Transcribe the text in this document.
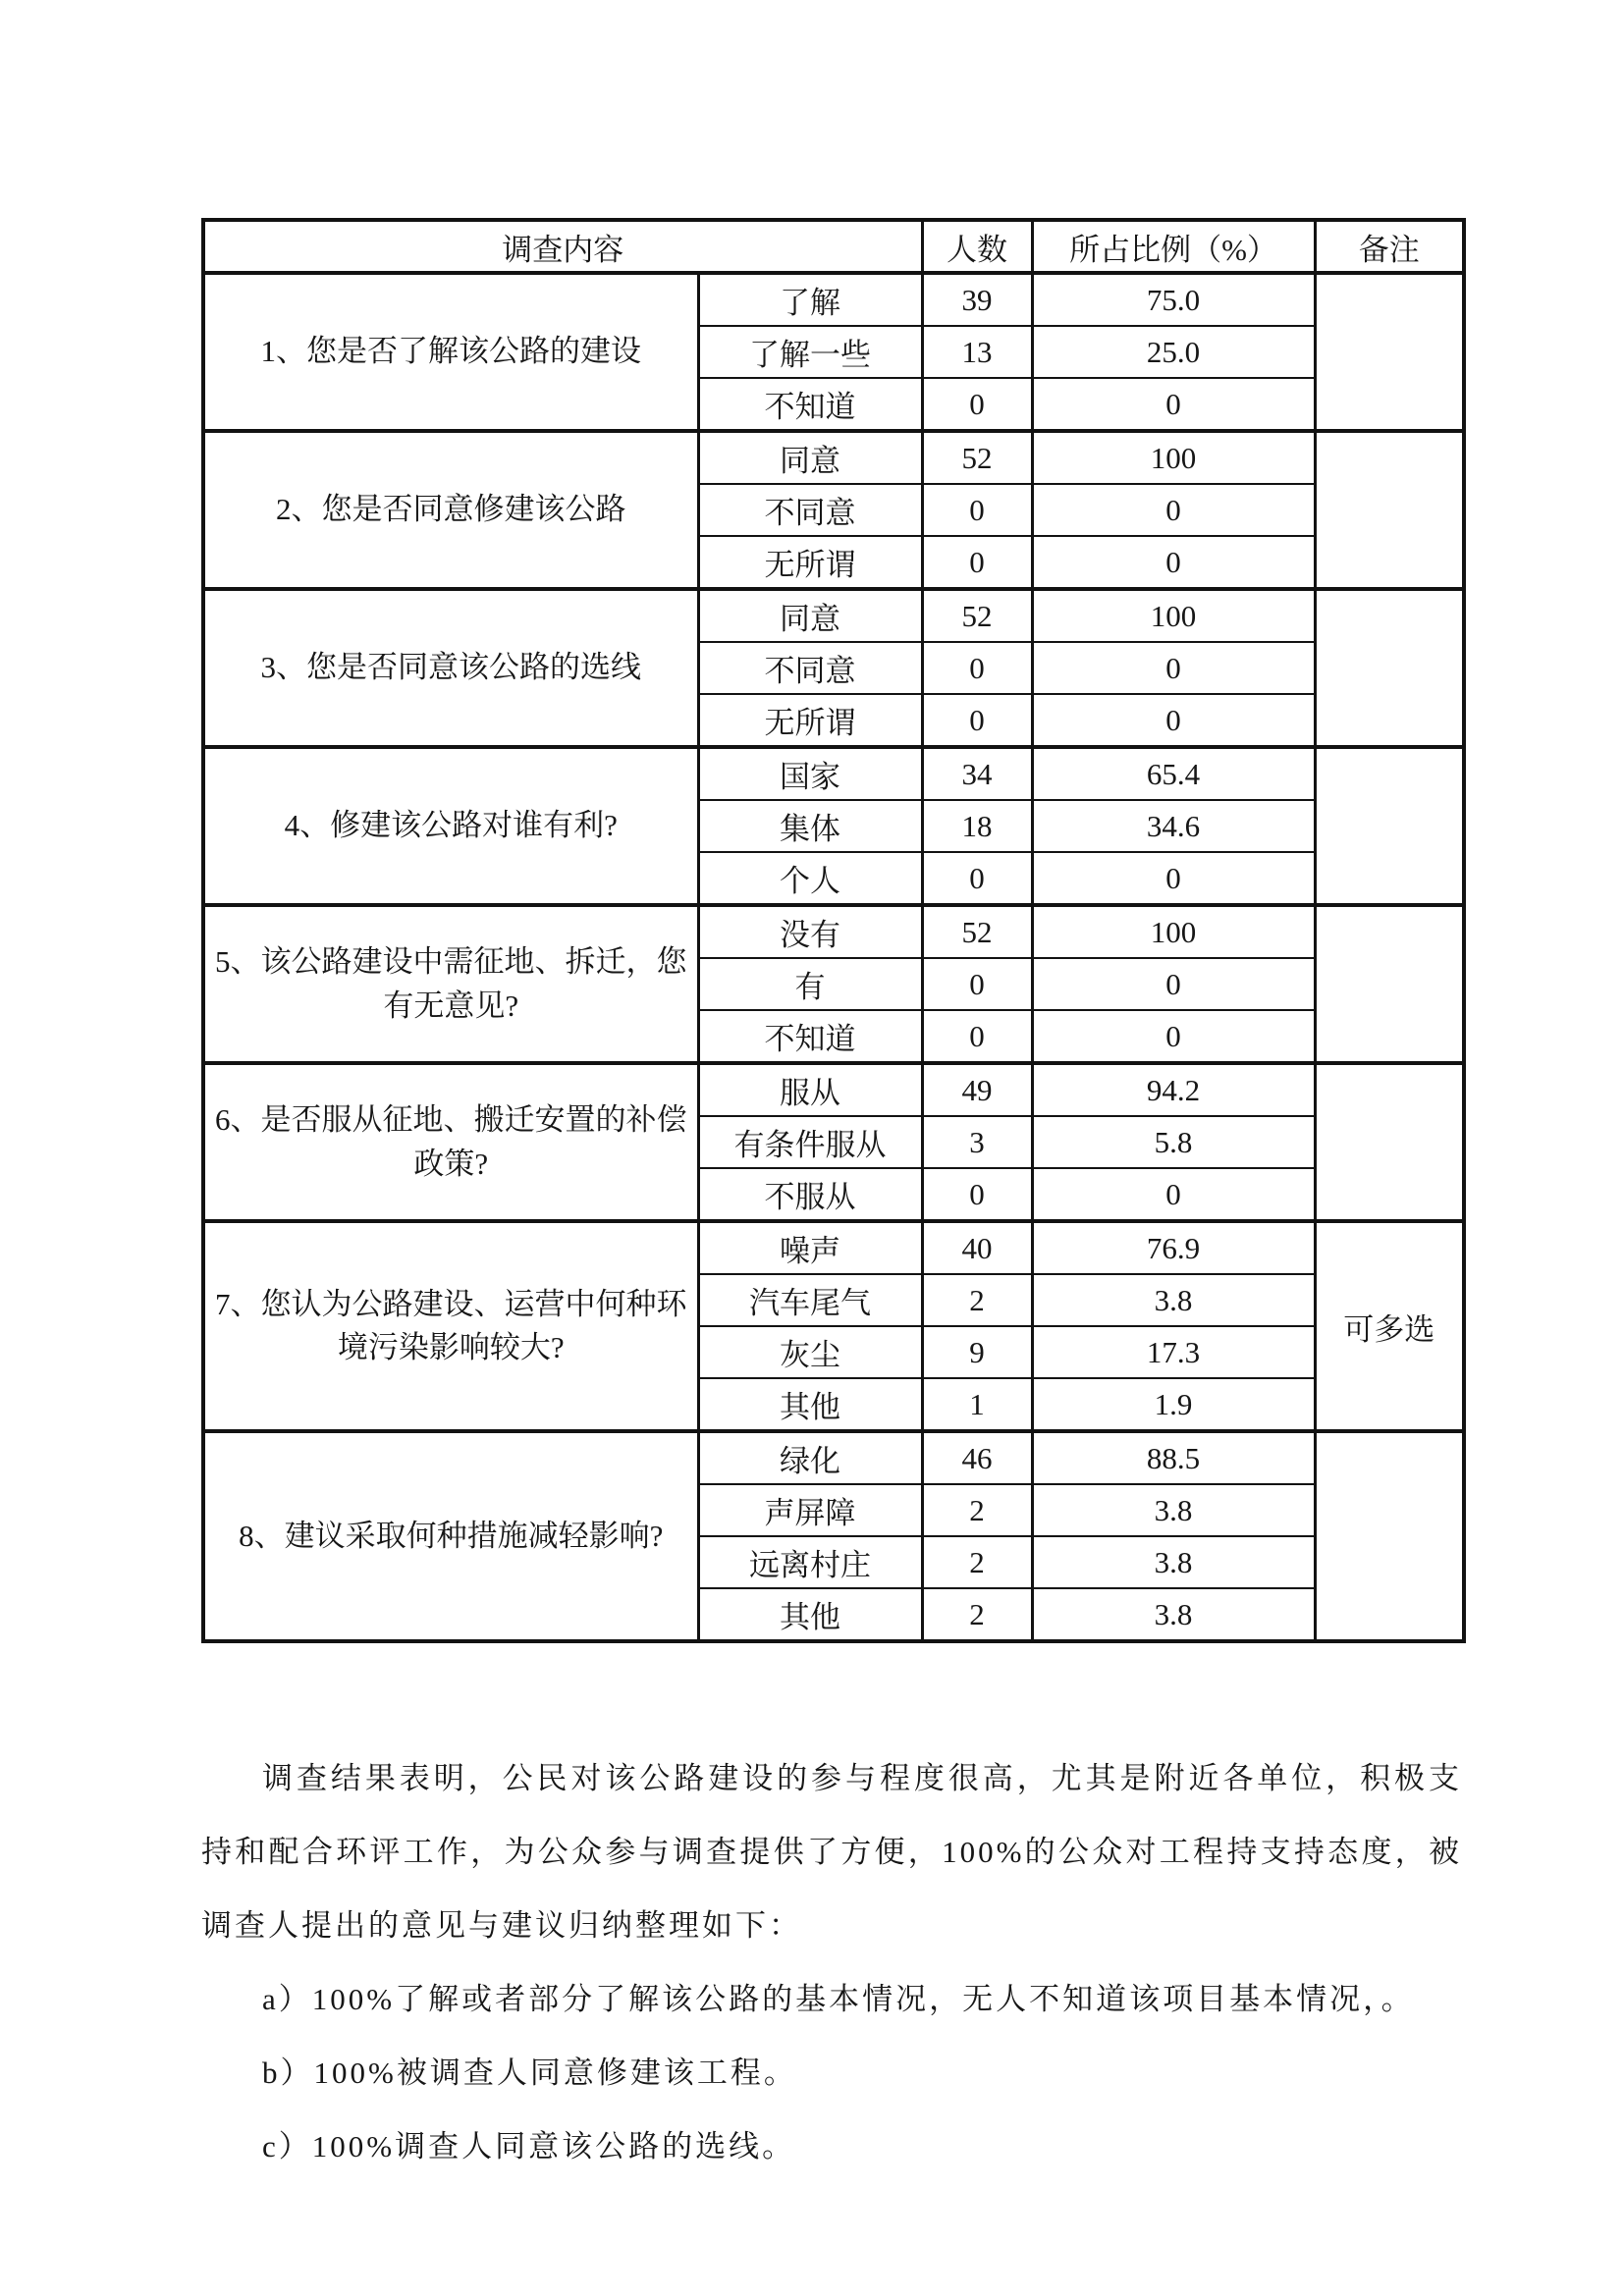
调查内容		人数	所占比例（%）	备注
1、您是否了解该公路的建设	了解	39	75.0	
	了解一些	13	25.0	
	不知道	0	0	
2、您是否同意修建该公路	同意	52	100	
	不同意	0	0	
	无所谓	0	0	
3、您是否同意该公路的选线	同意	52	100	
	不同意	0	0	
	无所谓	0	0	
4、修建该公路对谁有利?	国家	34	65.4	
	集体	18	34.6	
	个人	0	0	
5、该公路建设中需征地、拆迁，您有无意见?	没有	52	100	
	有	0	0	
	不知道	0	0	
6、是否服从征地、搬迁安置的补偿政策?	服从	49	94.2	
	有条件服从	3	5.8	
	不服从	0	0	
7、您认为公路建设、运营中何种环境污染影响较大?	噪声	40	76.9	可多选
	汽车尾气	2	3.8	
	灰尘	9	17.3	
	其他	1	1.9	
8、建议采取何种措施减轻影响?	绿化	46	88.5	
	声屏障	2	3.8	
	远离村庄	2	3.8	
	其他	2	3.8	

调查结果表明，公民对该公路建设的参与程度很高，尤其是附近各单位，积极支持和配合环评工作，为公众参与调查提供了方便，100%的公众对工程持支持态度，被调查人提出的意见与建议归纳整理如下：

a）100%了解或者部分了解该公路的基本情况，无人不知道该项目基本情况，。
b）100%被调查人同意修建该工程。
c）100%调查人同意该公路的选线。
